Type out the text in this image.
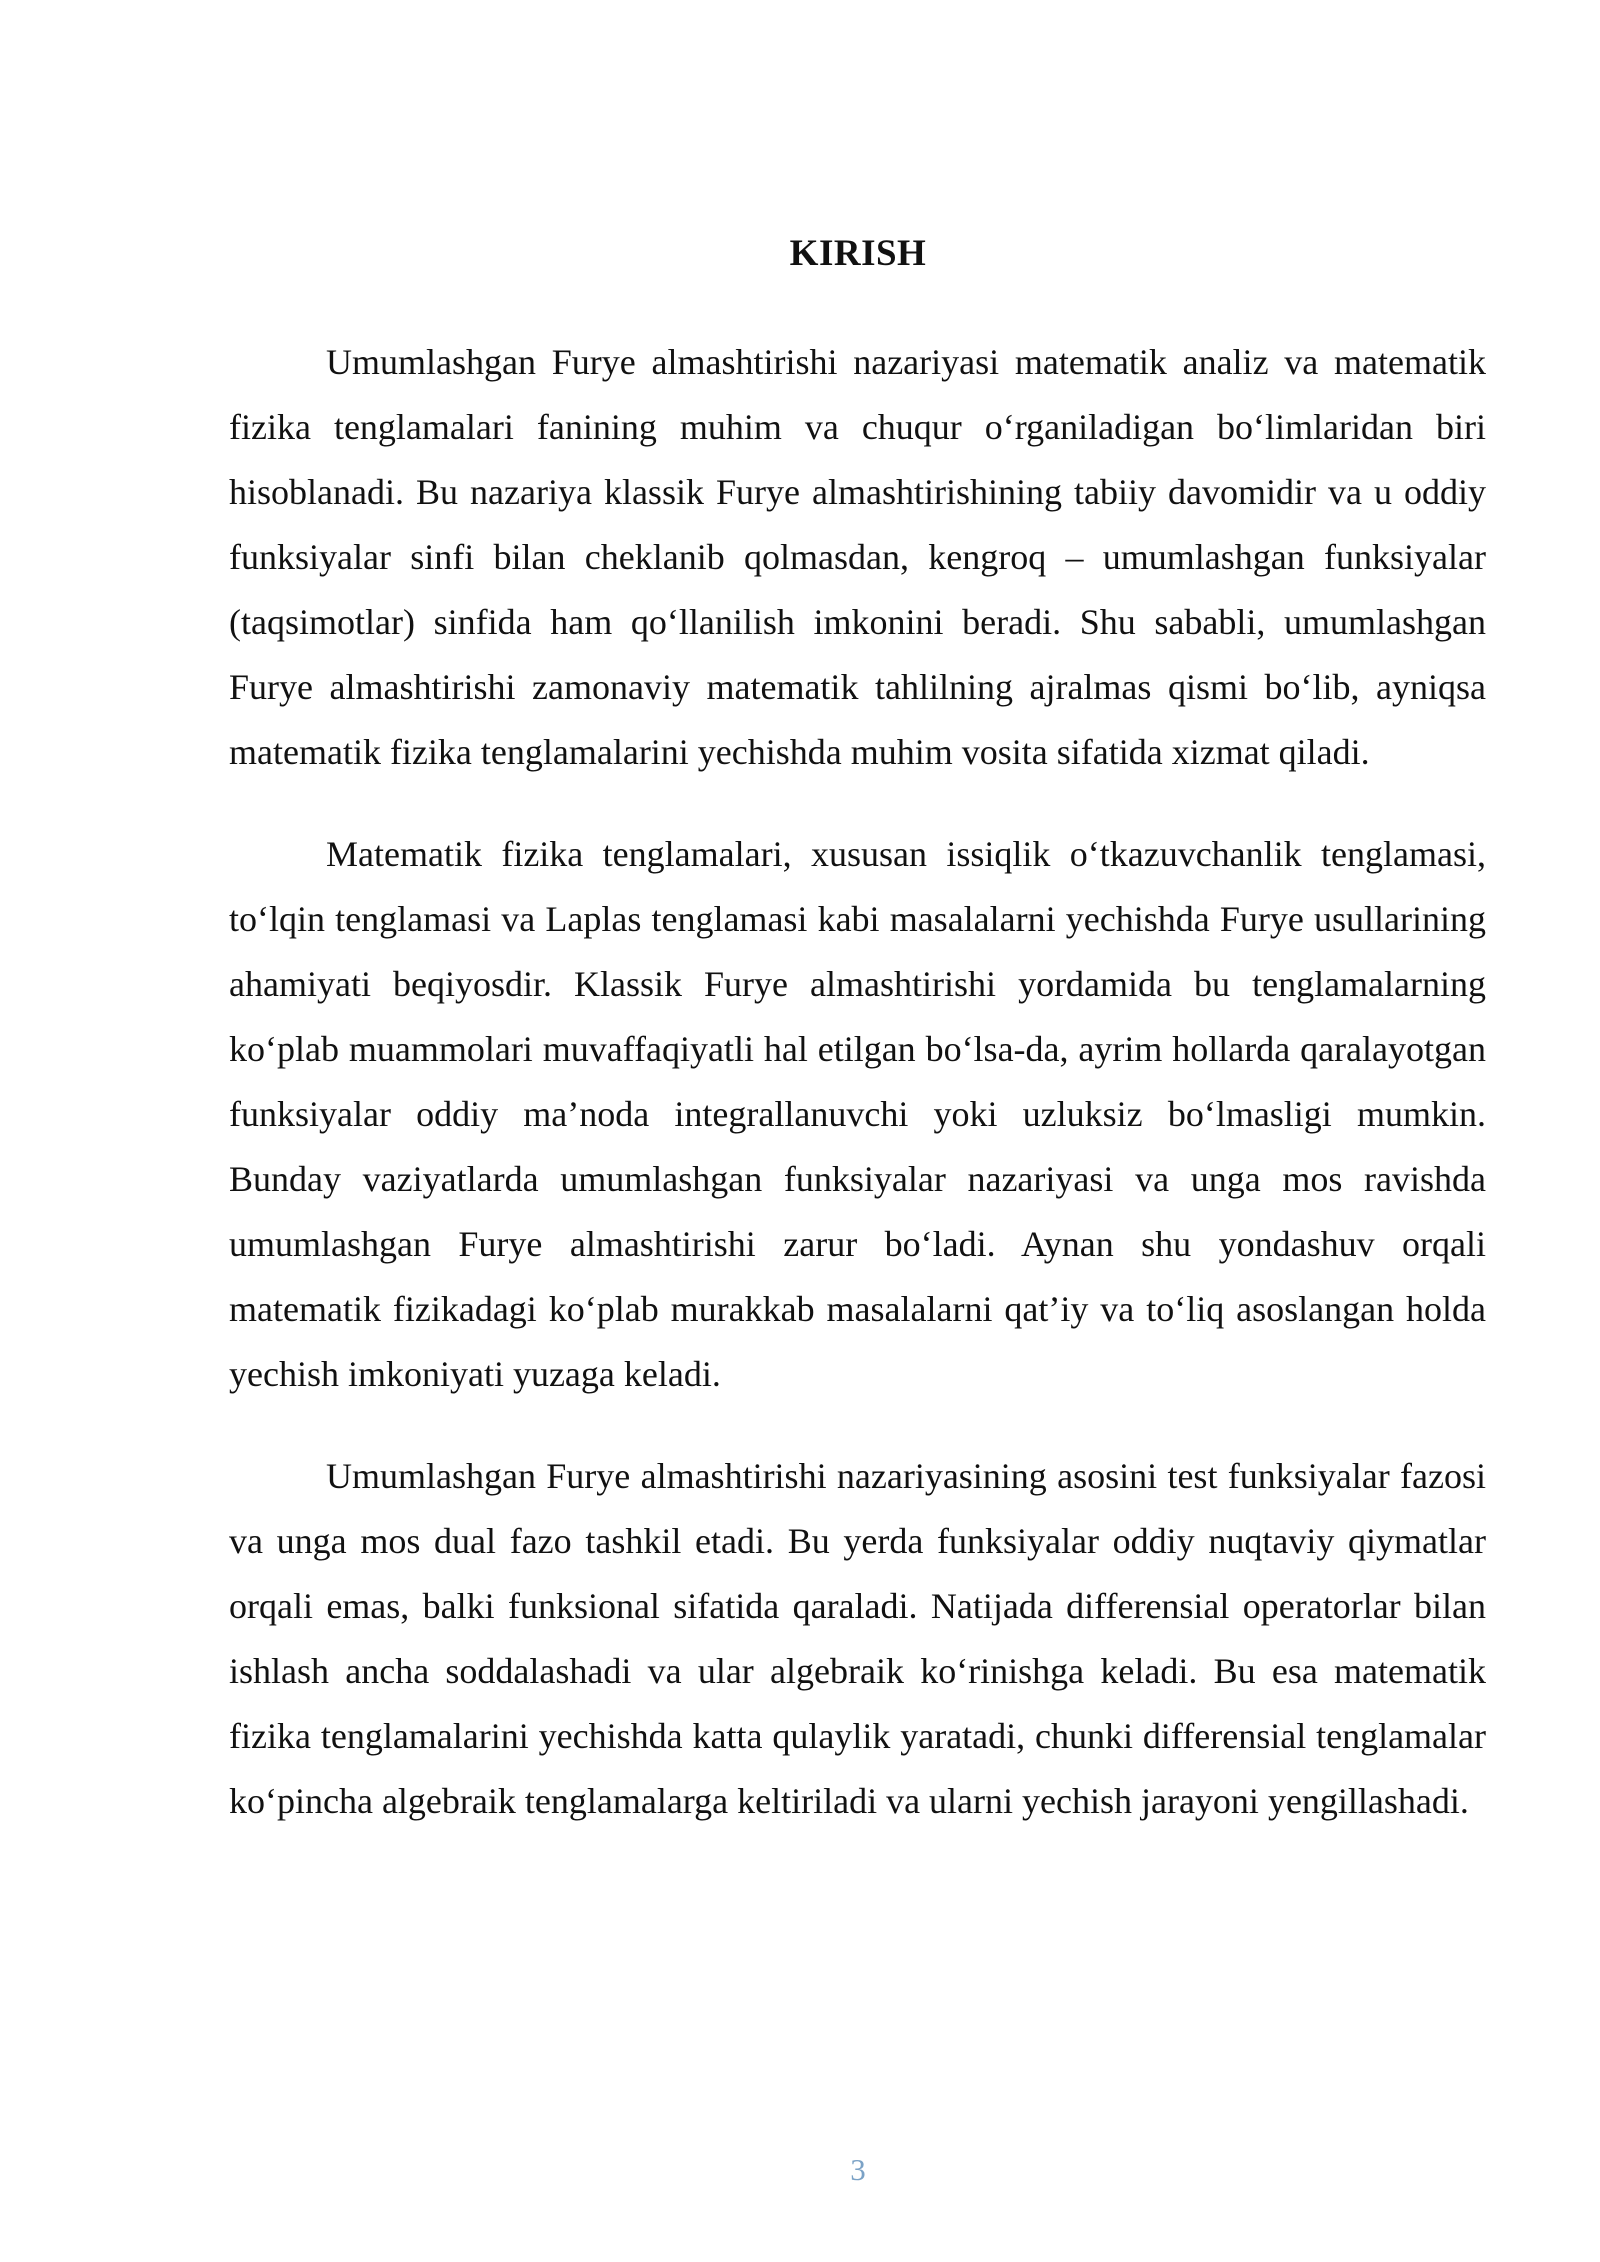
KIRISH

Umumlashgan Furye almashtirishi nazariyasi matematik analiz va matematik fizika tenglamalari fanining muhim va chuqur o‘rganiladigan bo‘limlaridan biri hisoblanadi. Bu nazariya klassik Furye almashtirishining tabiiy davomidir va u oddiy funksiyalar sinfi bilan cheklanib qolmasdan, kengroq – umumlashgan funksiyalar (taqsimotlar) sinfida ham qo‘llanilish imkonini beradi. Shu sababli, umumlashgan Furye almashtirishi zamonaviy matematik tahlilning ajralmas qismi bo‘lib, ayniqsa matematik fizika tenglamalarini yechishda muhim vosita sifatida xizmat qiladi.

Matematik fizika tenglamalari, xususan issiqlik o‘tkazuvchanlik tenglamasi, to‘lqin tenglamasi va Laplas tenglamasi kabi masalalarni yechishda Furye usullarining ahamiyati beqiyosdir. Klassik Furye almashtirishi yordamida bu tenglamalarning ko‘plab muammolari muvaffaqiyatli hal etilgan bo‘lsa-da, ayrim hollarda qaralayotgan funksiyalar oddiy ma’noda integrallanuvchi yoki uzluksiz bo‘lmasligi mumkin. Bunday vaziyatlarda umumlashgan funksiyalar nazariyasi va unga mos ravishda umumlashgan Furye almashtirishi zarur bo‘ladi. Aynan shu yondashuv orqali matematik fizikadagi ko‘plab murakkab masalalarni qat’iy va to‘liq asoslangan holda yechish imkoniyati yuzaga keladi.

Umumlashgan Furye almashtirishi nazariyasining asosini test funksiyalar fazosi va unga mos dual fazo tashkil etadi. Bu yerda funksiyalar oddiy nuqtaviy qiymatlar orqali emas, balki funksional sifatida qaraladi. Natijada differensial operatorlar bilan ishlash ancha soddalashadi va ular algebraik ko‘rinishga keladi. Bu esa matematik fizika tenglamalarini yechishda katta qulaylik yaratadi, chunki differensial tenglamalar ko‘pincha algebraik tenglamalarga keltiriladi va ularni yechish jarayoni yengillashadi.

3
